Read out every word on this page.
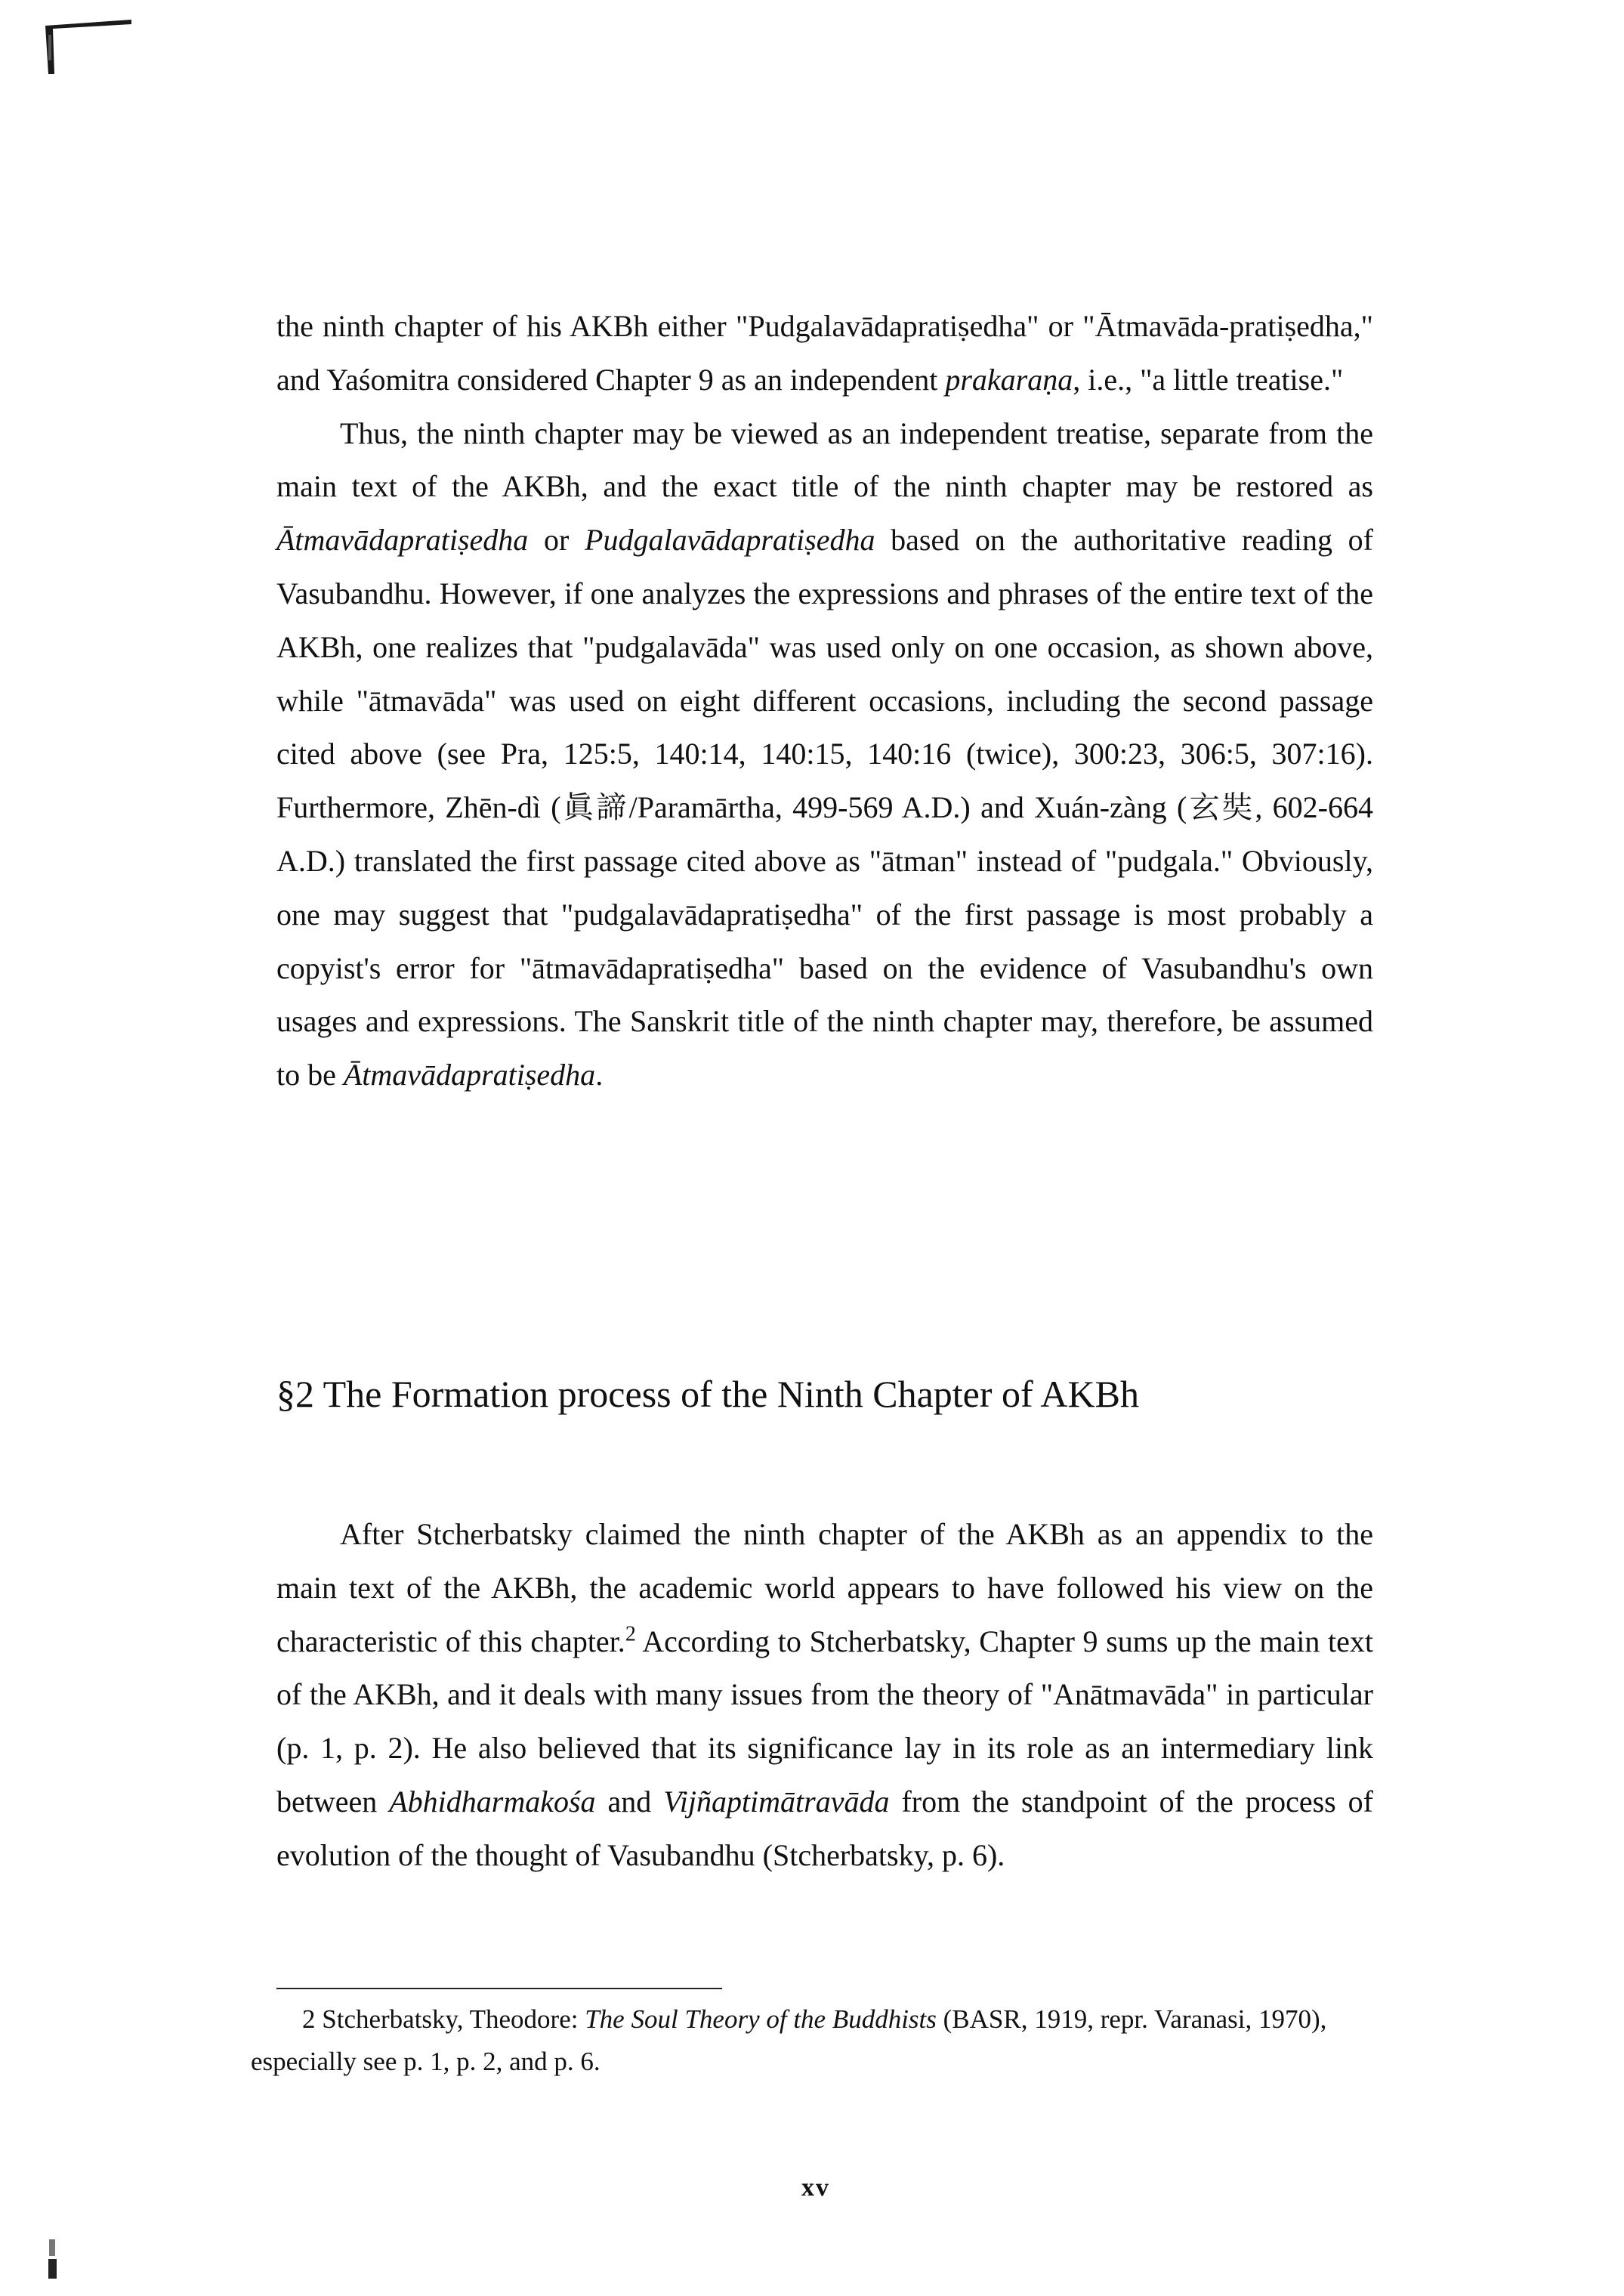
the ninth chapter of his AKBh either "Pudgalavādapratiṣedha" or "Ātmavāda-pratiṣedha," and Yaśomitra considered Chapter 9 as an independent prakaraṇa, i.e., "a little treatise."

Thus, the ninth chapter may be viewed as an independent treatise, separate from the main text of the AKBh, and the exact title of the ninth chapter may be restored as Ātmavādapratiṣedha or Pudgalavādapratiṣedha based on the authoritative reading of Vasubandhu. However, if one analyzes the expressions and phrases of the entire text of the AKBh, one realizes that "pudgalavāda" was used only on one occasion, as shown above, while "ātmavāda" was used on eight different occasions, including the second passage cited above (see Pra, 125:5, 140:14, 140:15, 140:16 (twice), 300:23, 306:5, 307:16). Furthermore, Zhēn-dì (眞諦/Paramārtha, 499-569 A.D.) and Xuán-zàng (玄奘, 602-664 A.D.) translated the first passage cited above as "ātman" instead of "pudgala." Obviously, one may suggest that "pudgalavādapratiṣedha" of the first passage is most probably a copyist's error for "ātmavādapratiṣedha" based on the evidence of Vasubandhu's own usages and expressions. The Sanskrit title of the ninth chapter may, therefore, be assumed to be Ātmavādapratiṣedha.

§2 The Formation process of the Ninth Chapter of AKBh

After Stcherbatsky claimed the ninth chapter of the AKBh as an appendix to the main text of the AKBh, the academic world appears to have followed his view on the characteristic of this chapter.$^2$ According to Stcherbatsky, Chapter 9 sums up the main text of the AKBh, and it deals with many issues from the theory of "Anātmavāda" in particular (p. 1, p. 2). He also believed that its significance lay in its role as an intermediary link between Abhidharmakośa and Vijñaptimātravāda from the standpoint of the process of evolution of the thought of Vasubandhu (Stcherbatsky, p. 6).

2 Stcherbatsky, Theodore: The Soul Theory of the Buddhists (BASR, 1919, repr. Varanasi, 1970), especially see p. 1, p. 2, and p. 6.

xv
